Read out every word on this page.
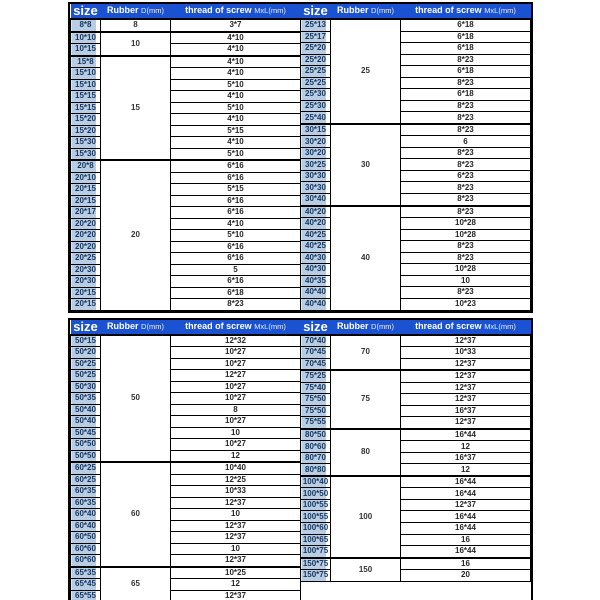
size	Rubber D(mm)	thread of screw MxL(mm)
8*8	8	3*7
10*10	10	4*10
10*15		4*10
15*8	15	4*10
15*10		4*10
15*10		5*10
15*15		4*10
15*15		5*10
15*20		4*10
15*20		5*15
15*30		4*10
15*30		5*10
20*8	20	6*16
20*10		6*16
20*15		5*15
20*15		6*16
20*17		6*16
20*20		4*10
20*20		5*10
20*20		6*16
20*25		6*16
20*30		5
20*30		6*16
20*15		6*18
20*15		8*23
size	Rubber D(mm)	thread of screw MxL(mm)
25*13	25	6*18
25*17		6*18
25*20		6*18
25*20		8*23
25*25		6*18
25*25		8*23
25*30		6*18
25*30		8*23
25*40		8*23
30*15	30	8*23
30*20		6
30*20		8*23
30*25		8*23
30*30		6*23
30*30		8*23
30*40		8*23
40*20	40	8*23
40*20		10*28
40*25		10*28
40*25		8*23
40*30		8*23
40*30		10*28
40*35		10
40*40		8*23
40*40		10*23
size	Rubber D(mm)	thread of screw MxL(mm)
50*15	50	12*32
50*20		10*27
50*25		10*27
50*25		12*27
50*30		10*27
50*35		10*27
50*40		8
50*40		10*27
50*45		10
50*50		10*27
50*50		12
60*25	60	10*40
60*25		12*25
60*35		10*33
60*35		12*37
60*40		10
60*40		12*37
60*50		12*37
60*60		10
60*60		12*37
65*35	65	10*25
65*45		12
65*55		12*37
size	Rubber D(mm)	thread of screw MxL(mm)
70*40	70	12*37
70*45		10*33
70*45		12*37
75*25	75	12*37
75*40		12*37
75*50		12*37
75*50		16*37
75*55		12*37
80*50	80	16*44
80*60		12
80*70		16*37
80*80		12
100*40	100	16*44
100*50		16*44
100*55		12*37
100*55		16*44
100*60		16*44
100*65		16
100*75		16*44
150*75	150	16
150*75		20
